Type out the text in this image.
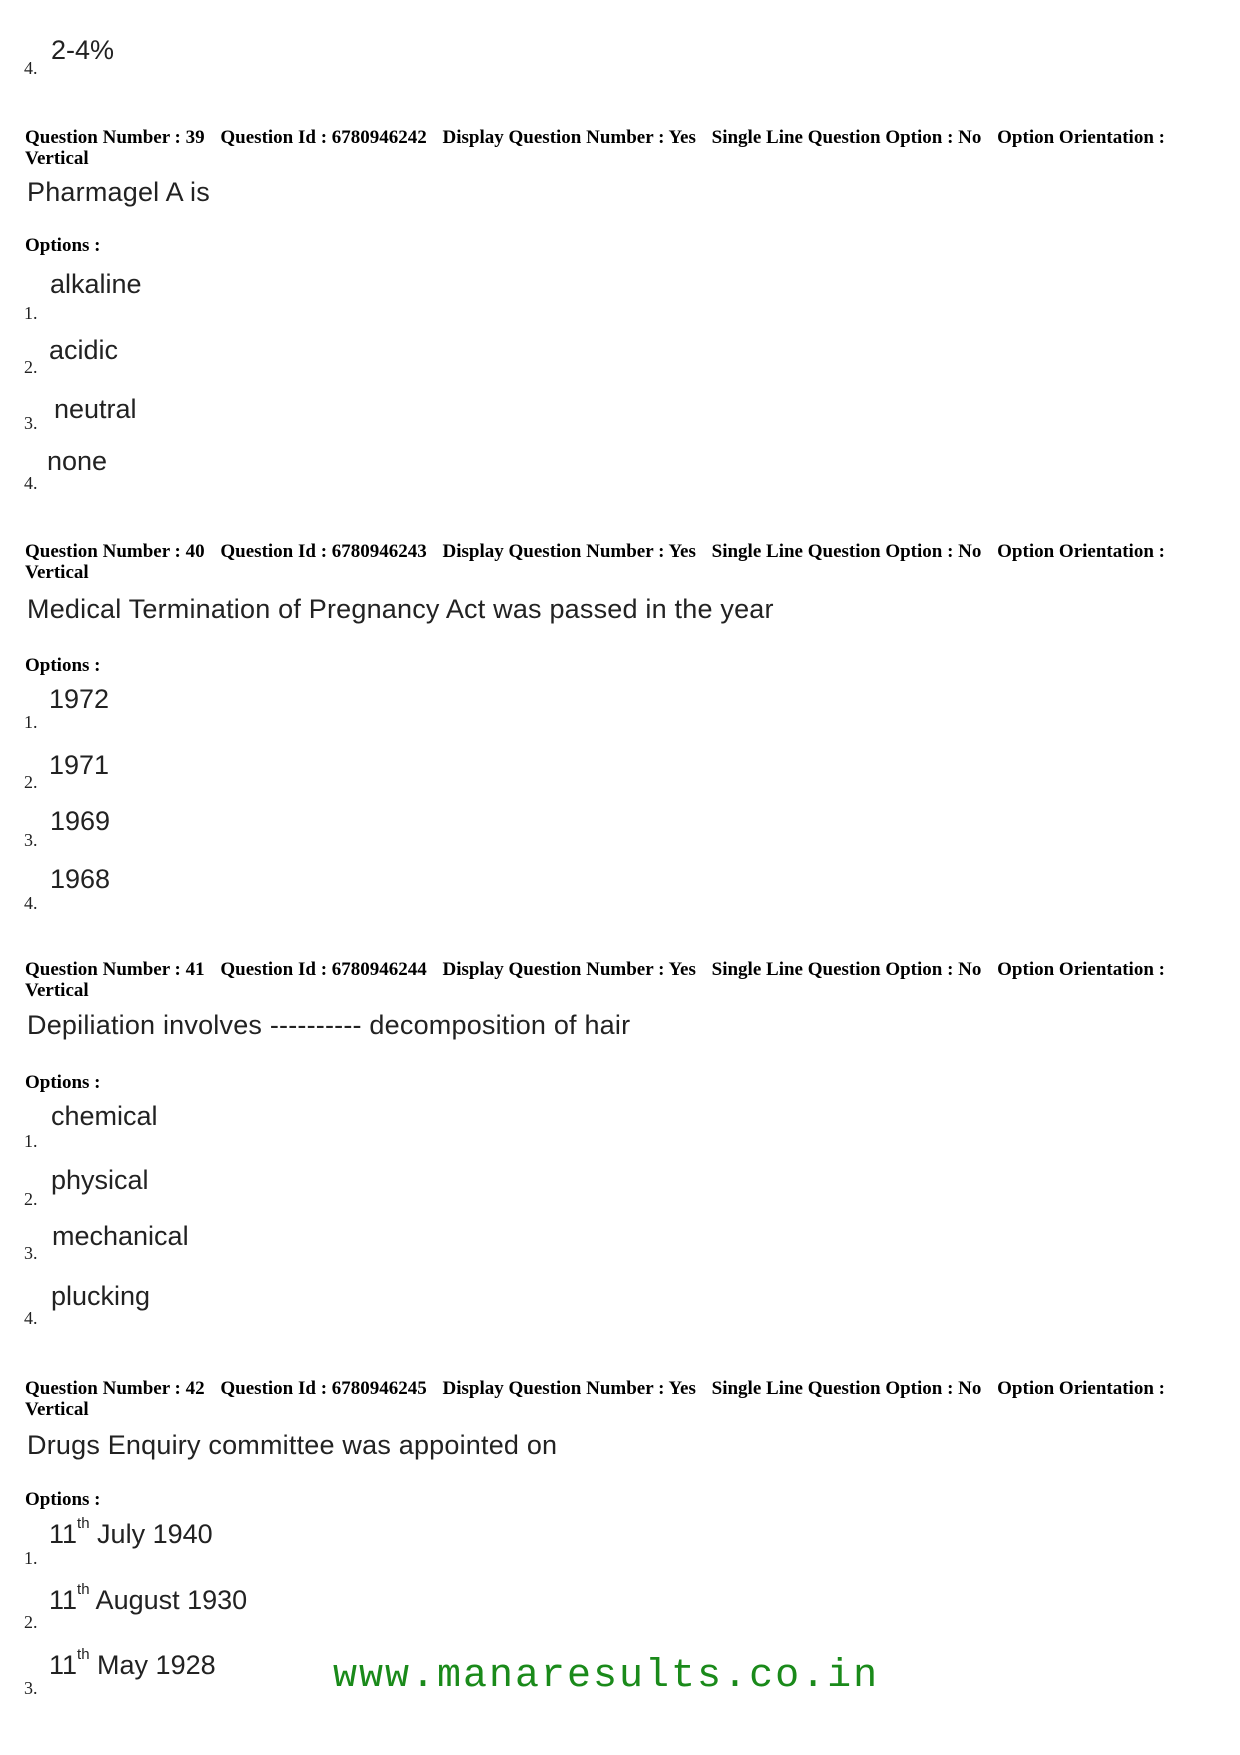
4.
2-4%
Question Number : 39 Question Id : 6780946242 Display Question Number : Yes Single Line Question Option : No Option Orientation : Vertical
Pharmagel A is
Options :
1.
alkaline
2.
acidic
3. neutral
4.
none
Question Number : 40 Question Id : 6780946243 Display Question Number : Yes Single Line Question Option : No Option Orientation : Vertical
Medical Termination of Pregnancy Act was passed in the year
Options :
1.
1972
2.
1971
3.
1969
4.
1968
Question Number : 41 Question Id : 6780946244 Display Question Number : Yes Single Line Question Option : No Option Orientation : Vertical
Depiliation involves ---------- decomposition of hair
Options :
1.
chemical
2.
physical
3.
mechanical
4.
plucking
Question Number : 42 Question Id : 6780946245 Display Question Number : Yes Single Line Question Option : No Option Orientation : Vertical
Drugs Enquiry committee was appointed on
Options :
1.
11th July 1940
2.
11th August 1930
3.
11th May 1928	www.manaresults.co.in
